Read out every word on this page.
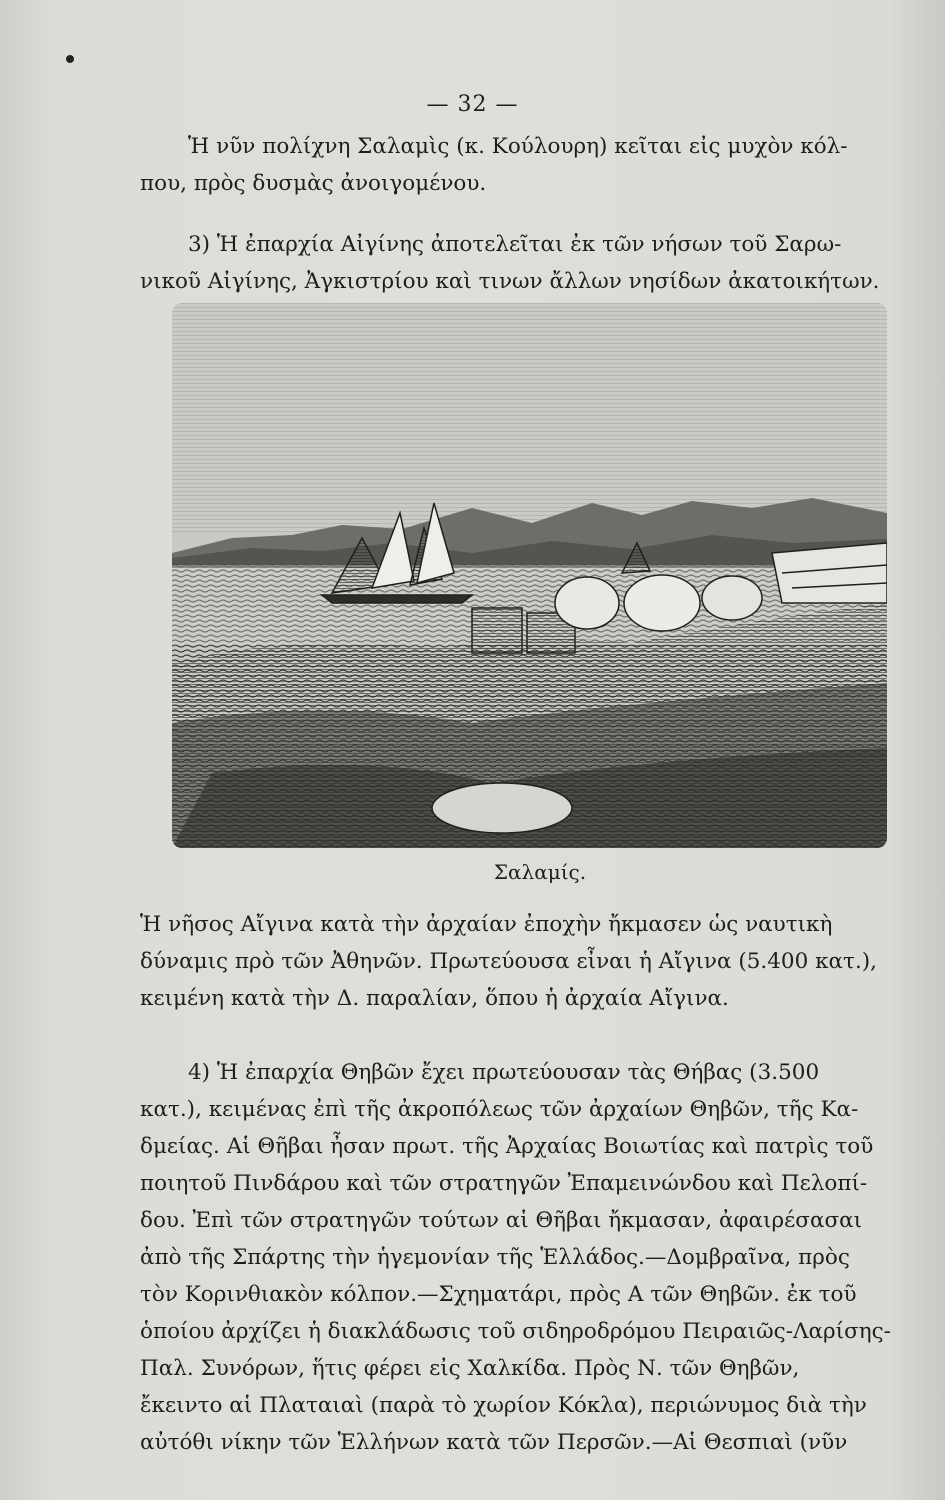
— 32 —
Ἡ νῦν πολίχνη Σαλαμὶς (κ. Κούλουρη) κεῖται εἰς μυχὸν κόλ-
που, πρὸς δυσμὰς ἀνοιγομένου.
3) Ἡ ἐπαρχία Αἰγίνης ἀποτελεῖται ἐκ τῶν νήσων τοῦ Σαρω-
νικοῦ Αἰγίνης, Ἀγκιστρίου καὶ τινων ἄλλων νησίδων ἀκατοικήτων.
Σαλαμίς.
Ἡ νῆσος Αἴγινα κατὰ τὴν ἀρχαίαν ἐποχὴν ἤκμασεν ὡς ναυτικὴ
δύναμις πρὸ τῶν Ἀθηνῶν. Πρωτεύουσα εἶναι ἡ Αἴγινα (5.400 κατ.),
κειμένη κατὰ τὴν Δ. παραλίαν, ὅπου ἡ ἀρχαία Αἴγινα.
4) Ἡ ἐπαρχία Θηβῶν ἔχει πρωτεύουσαν τὰς Θήβας (3.500
κατ.), κειμένας ἐπὶ τῆς ἀκροπόλεως τῶν ἀρχαίων Θηβῶν, τῆς Κα-
δμείας. Αἱ Θῆβαι ἦσαν πρωτ. τῆς Ἀρχαίας Βοιωτίας καὶ πατρὶς τοῦ
ποιητοῦ Πινδάρου καὶ τῶν στρατηγῶν Ἐπαμεινώνδου καὶ Πελοπί-
δου. Ἐπὶ τῶν στρατηγῶν τούτων αἱ Θῆβαι ἤκμασαν, ἀφαιρέσασαι
ἀπὸ τῆς Σπάρτης τὴν ἡγεμονίαν τῆς Ἑλλάδος.—Δομβραῖνα, πρὸς
τὸν Κορινθιακὸν κόλπον.—Σχηματάρι, πρὸς Α τῶν Θηβῶν. ἐκ τοῦ
ὁποίου ἀρχίζει ἡ διακλάδωσις τοῦ σιδηροδρόμου Πειραιῶς-Λαρίσης-
Παλ. Συνόρων, ἥτις φέρει εἰς Χαλκίδα. Πρὸς Ν. τῶν Θηβῶν,
ἔκειντο αἱ Πλαταιαὶ (παρὰ τὸ χωρίον Κόκλα), περιώνυμος διὰ τὴν
αὐτόθι νίκην τῶν Ἑλλήνων κατὰ τῶν Περσῶν.—Αἱ Θεσπιαὶ (νῦν
